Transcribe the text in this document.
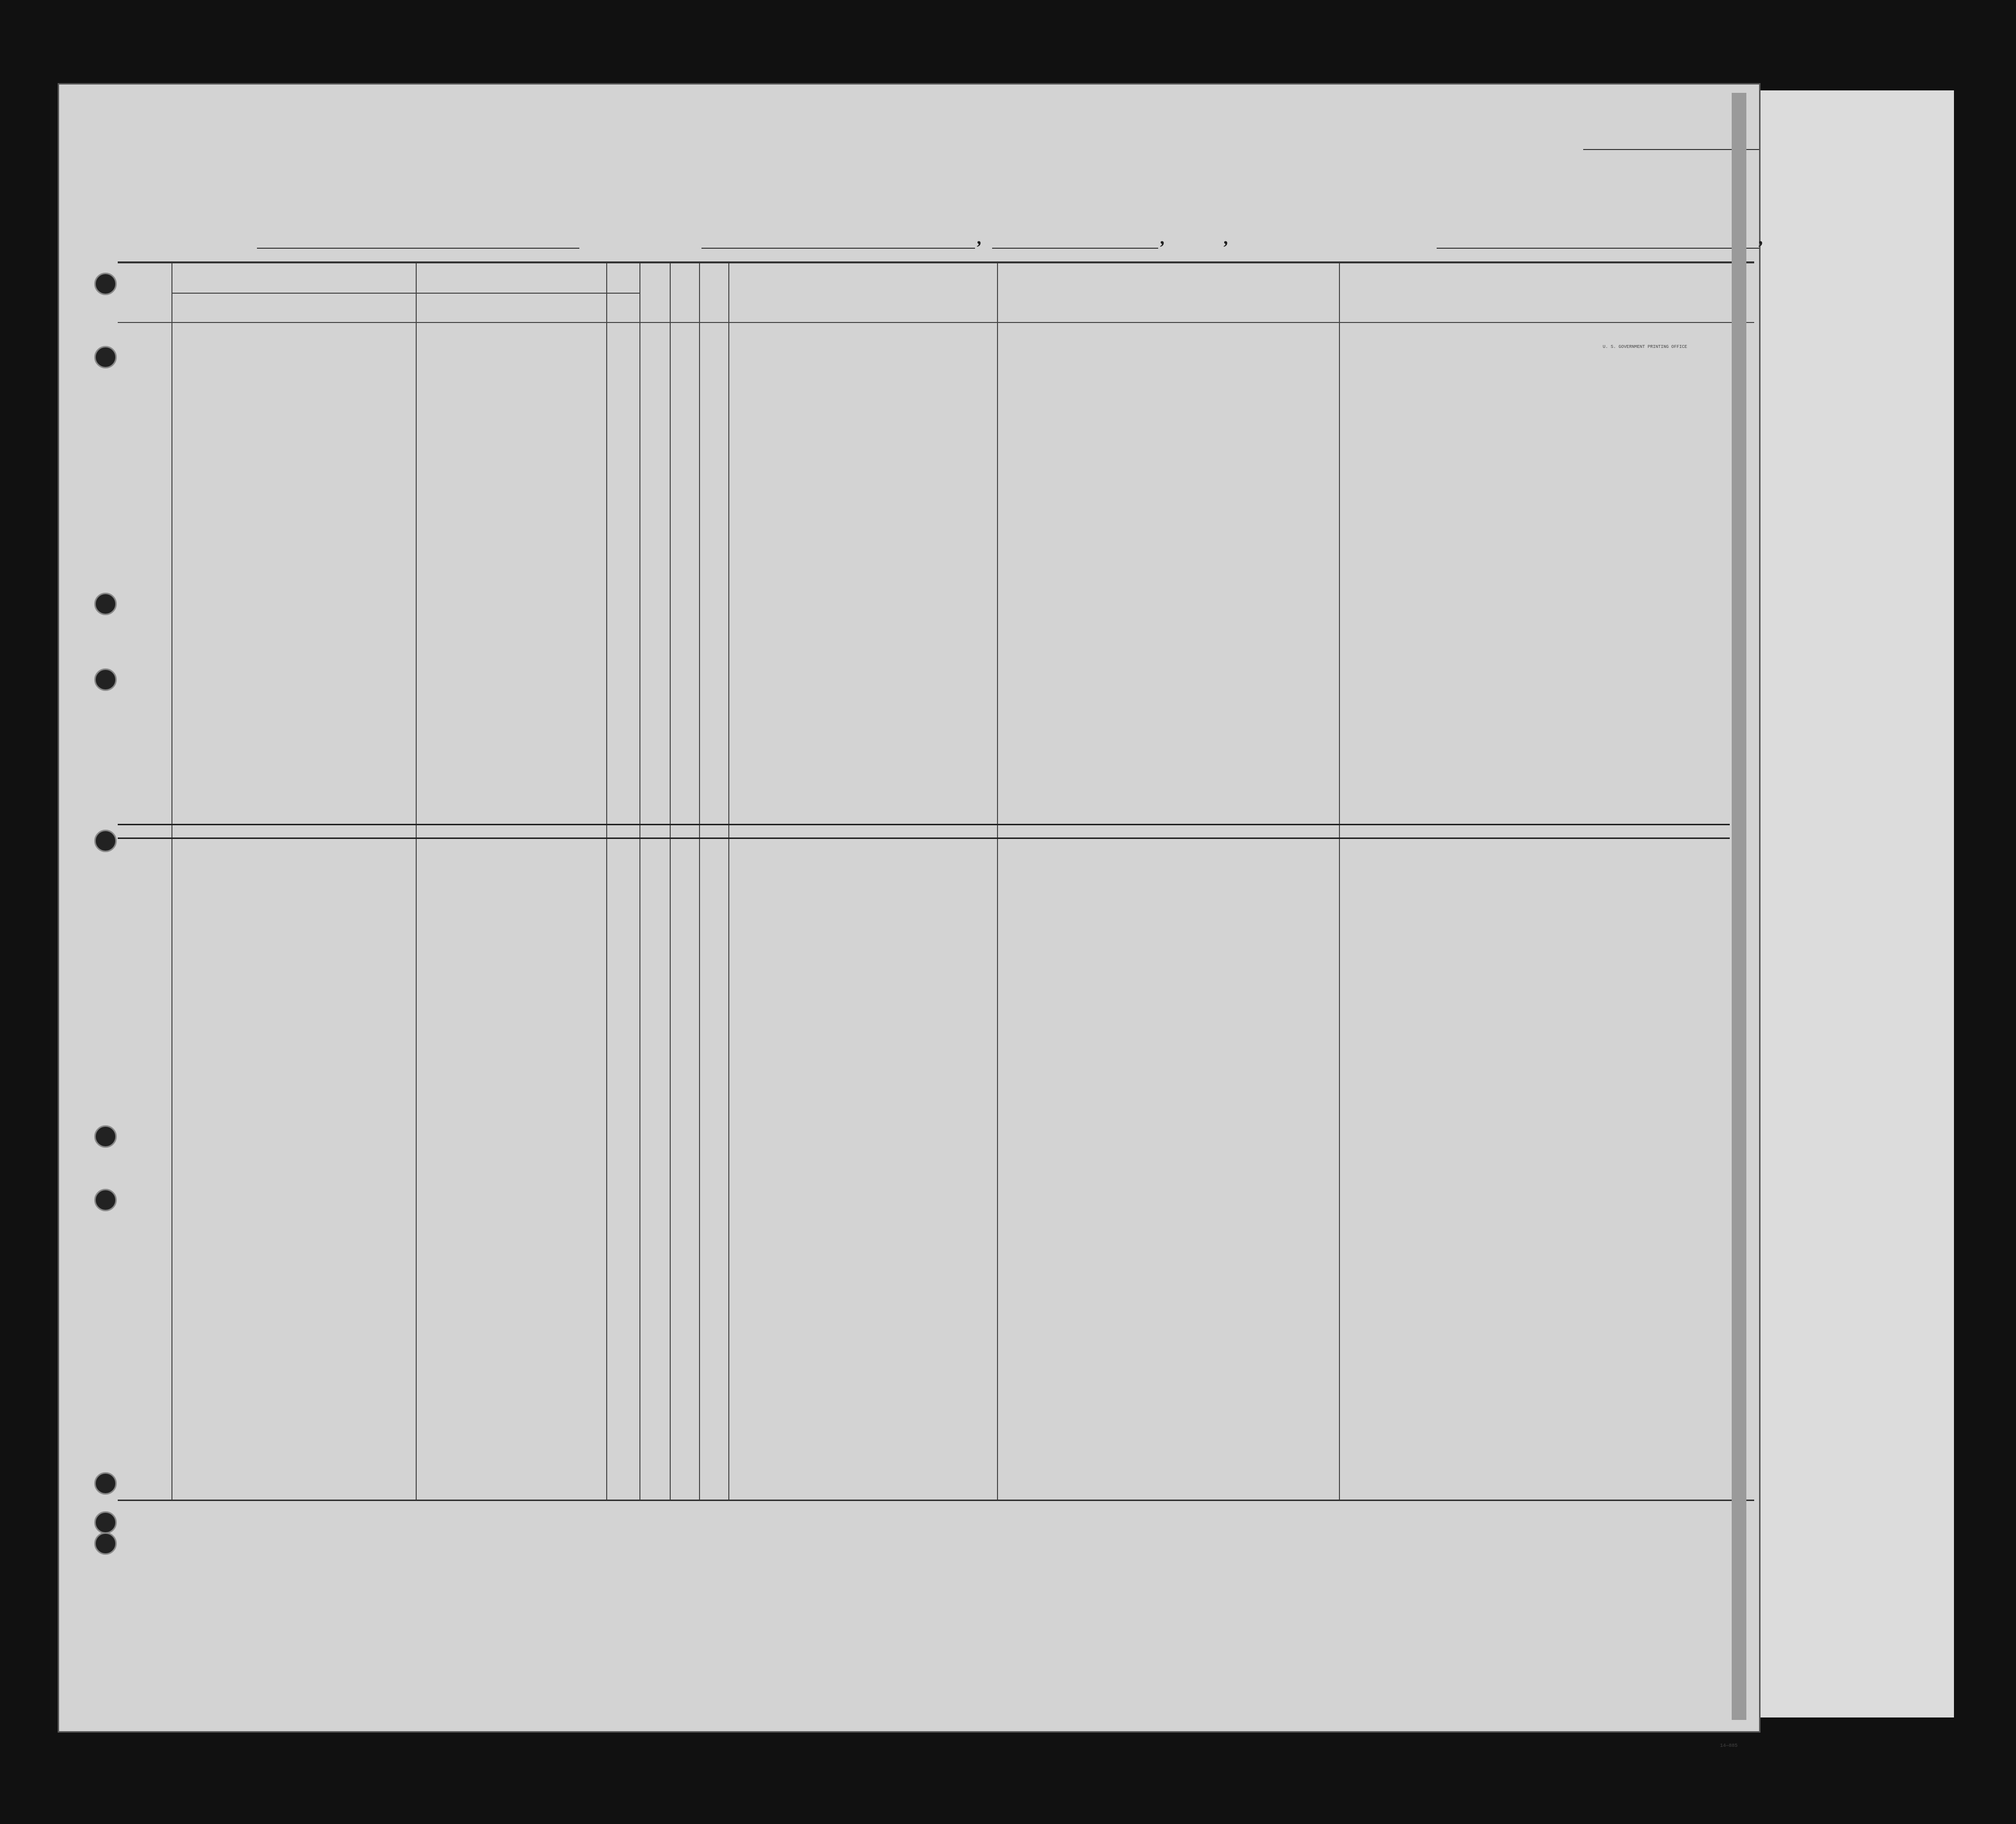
,	,	,	,
U. S. GOVERNMENT PRINTING OFFICE
14—885
